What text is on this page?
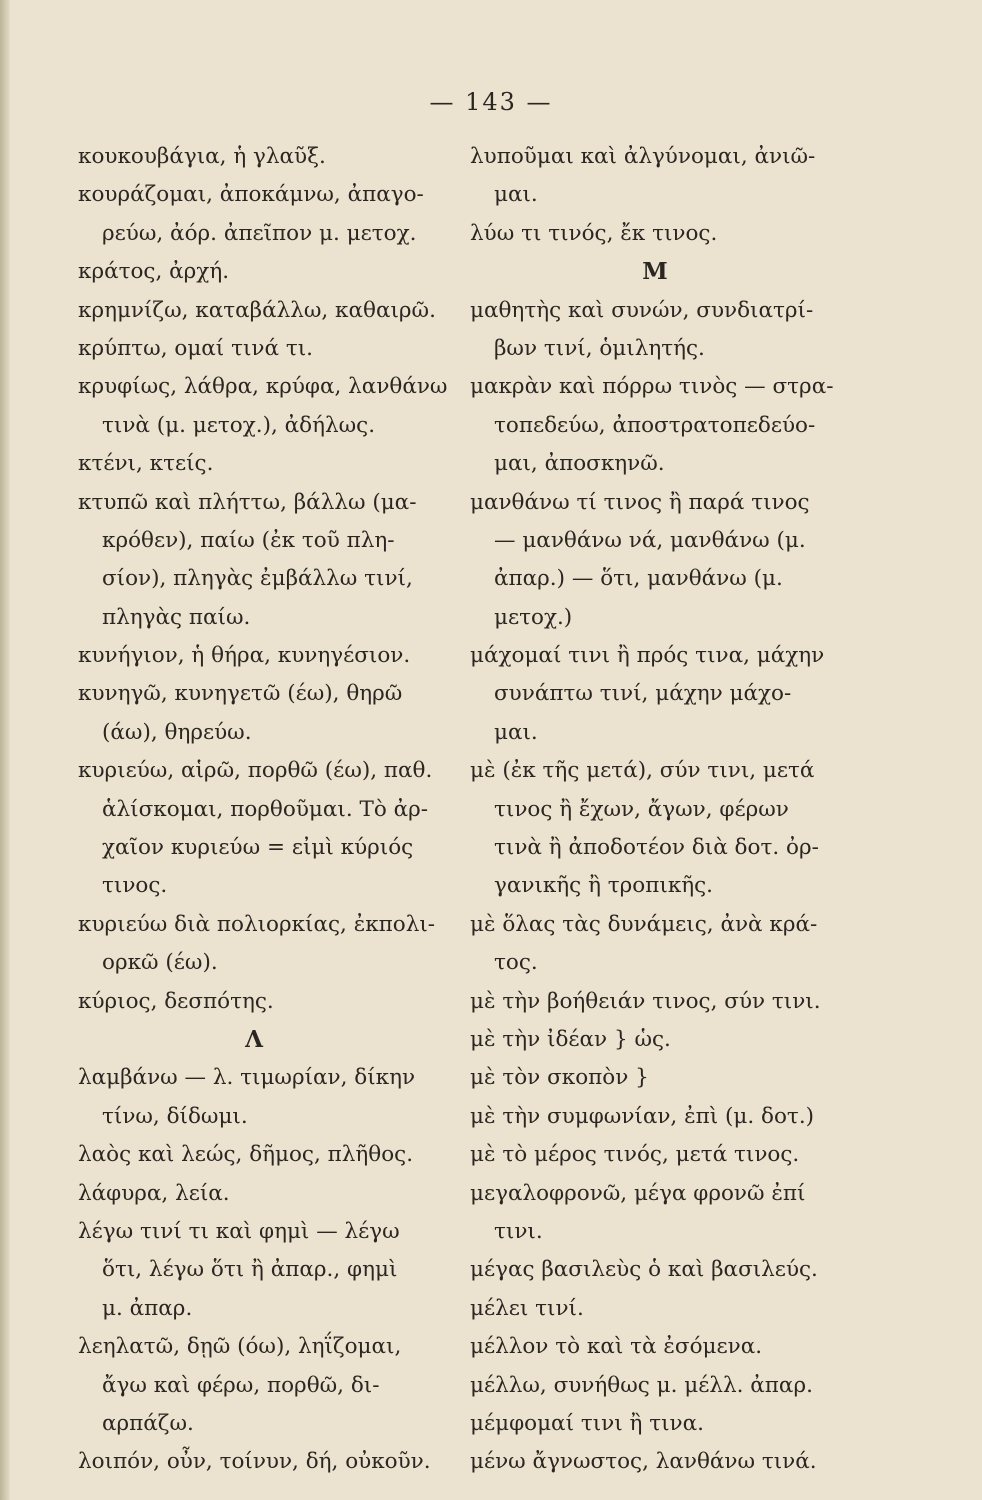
— 143 —
κουκουβάγια, ἡ γλαῦξ.
κουράζομαι, ἀποκάμνω, ἀπαγο-
ρεύω, ἀόρ. ἀπεῖπον μ. μετοχ.
κράτος, ἀρχή.
κρημνίζω, καταβάλλω, καθαιρῶ.
κρύπτω, ομαί τινά τι.
κρυφίως, λάθρα, κρύφα, λανθάνω
τινὰ (μ. μετοχ.), ἀδήλως.
κτένι, κτείς.
κτυπῶ καὶ πλήττω, βάλλω (μα-
κρόθεν), παίω (ἐκ τοῦ πλη-
σίον), πληγὰς ἐμβάλλω τινί,
πληγὰς παίω.
κυνήγιον, ἡ θήρα, κυνηγέσιον.
κυνηγῶ, κυνηγετῶ (έω), θηρῶ
(άω), θηρεύω.
κυριεύω, αἱρῶ, πορθῶ (έω), παθ.
ἁλίσκομαι, πορθοῦμαι. Τὸ ἀρ-
χαῖον κυριεύω = εἰμὶ κύριός
τινος.
κυριεύω διὰ πολιορκίας, ἐκπολι-
ορκῶ (έω).
κύριος, δεσπότης.
Λ
λαμβάνω — λ. τιμωρίαν, δίκην
τίνω, δίδωμι.
λαὸς καὶ λεώς, δῆμος, πλῆθος.
λάφυρα, λεία.
λέγω τινί τι καὶ φημὶ — λέγω
ὅτι, λέγω ὅτι ἢ ἀπαρ., φημὶ
μ. ἀπαρ.
λεηλατῶ, δῃῶ (όω), ληΐζομαι,
ἄγω καὶ φέρω, πορθῶ, δι-
αρπάζω.
λοιπόν, οὖν, τοίνυν, δή, οὐκοῦν.
λυποῦμαι καὶ ἀλγύνομαι, ἀνιῶ-
μαι.
λύω τι τινός, ἔκ τινος.
Μ
μαθητὴς καὶ συνών, συνδιατρί-
βων τινί, ὁμιλητής.
μακρὰν καὶ πόρρω τινὸς — στρα-
τοπεδεύω, ἀποστρατοπεδεύο-
μαι, ἀποσκηνῶ.
μανθάνω τί τινος ἢ παρά τινος
— μανθάνω νά, μανθάνω (μ.
ἀπαρ.) — ὅτι, μανθάνω (μ.
μετοχ.)
μάχομαί τινι ἢ πρός τινα, μάχην
συνάπτω τινί, μάχην μάχο-
μαι.
μὲ (ἐκ τῆς μετά), σύν τινι, μετά
τινος ἢ ἔχων, ἄγων, φέρων
τινὰ ἢ ἀποδοτέον διὰ δοτ. ὀρ-
γανικῆς ἢ τροπικῆς.
μὲ ὅλας τὰς δυνάμεις, ἀνὰ κρά-
τος.
μὲ τὴν βοήθειάν τινος, σύν τινι.
μὲ τὴν ἰδέαν } ὡς.
μὲ τὸν σκοπὸν }
μὲ τὴν συμφωνίαν, ἐπὶ (μ. δοτ.)
μὲ τὸ μέρος τινός, μετά τινος.
μεγαλοφρονῶ, μέγα φρονῶ ἐπί
τινι.
μέγας βασιλεὺς ὁ καὶ βασιλεύς.
μέλει τινί.
μέλλον τὸ καὶ τὰ ἐσόμενα.
μέλλω, συνήθως μ. μέλλ. ἀπαρ.
μέμφομαί τινι ἢ τινα.
μένω ἄγνωστος, λανθάνω τινά.
